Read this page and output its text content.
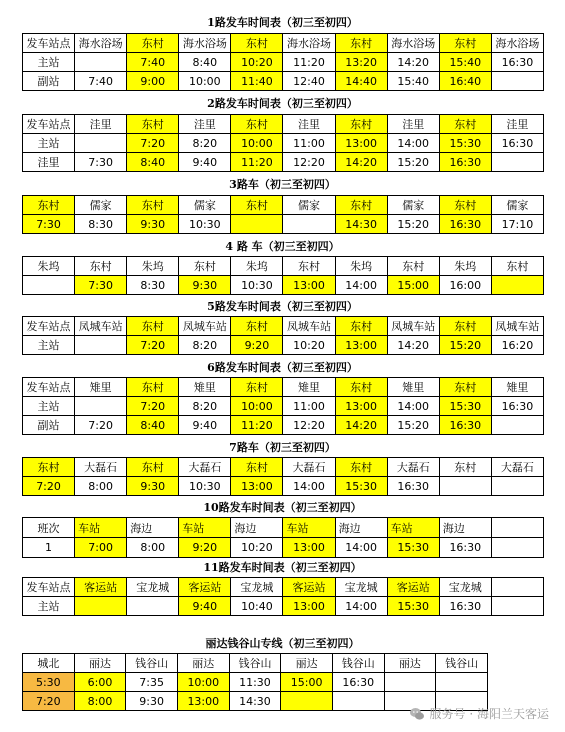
1路发车时间表（初三至初四）
发车站点	海水浴场	东村	海水浴场	东村	海水浴场	东村	海水浴场	东村	海水浴场
主站		7:40	8:40	10:20	11:20	13:20	14:20	15:40	16:30
副站	7:40	9:00	10:00	11:40	12:40	14:40	15:40	16:40	
2路发车时间表（初三至初四）
发车站点	洼里	东村	洼里	东村	洼里	东村	洼里	东村	洼里
主站		7:20	8:20	10:00	11:00	13:00	14:00	15:30	16:30
洼里	7:30	8:40	9:40	11:20	12:20	14:20	15:20	16:30	
3路车（初三至初四）
东村	儒家	东村	儒家	东村	儒家	东村	儒家	东村	儒家
7:30	8:30	9:30	10:30			14:30	15:20	16:30	17:10
4 路 车（初三至初四）
朱坞	东村	朱坞	东村	朱坞	东村	朱坞	东村	朱坞	东村
	7:30	8:30	9:30	10:30	13:00	14:00	15:00	16:00	
5路发车时间表（初三至初四）
发车站点	凤城车站	东村	凤城车站	东村	凤城车站	东村	凤城车站	东村	凤城车站
主站		7:20	8:20	9:20	10:20	13:00	14:20	15:20	16:20
6路发车时间表（初三至初四）
发车站点	雉里	东村	雉里	东村	雉里	东村	雉里	东村	雉里
主站		7:20	8:20	10:00	11:00	13:00	14:00	15:30	16:30
副站	7:20	8:40	9:40	11:20	12:20	14:20	15:20	16:30	
7路车（初三至初四）
东村	大磊石	东村	大磊石	东村	大磊石	东村	大磊石	东村	大磊石
7:20	8:00	9:30	10:30	13:00	14:00	15:30	16:30		
10路发车时间表（初三至初四）
班次	车站	海边	车站	海边	车站	海边	车站	海边	
1	7:00	8:00	9:20	10:20	13:00	14:00	15:30	16:30	
11路发车时间表（初三至初四）
发车站点	客运站	宝龙城	客运站	宝龙城	客运站	宝龙城	客运站	宝龙城	
主站			9:40	10:40	13:00	14:00	15:30	16:30	
丽达钱谷山专线（初三至初四）
城北	丽达	钱谷山	丽达	钱谷山	丽达	钱谷山	丽达	钱谷山
5:30	6:00	7:35	10:00	11:30	15:00	16:30		
7:20	8:00	9:30	13:00	14:30				
服务号 · 海阳兰天客运
